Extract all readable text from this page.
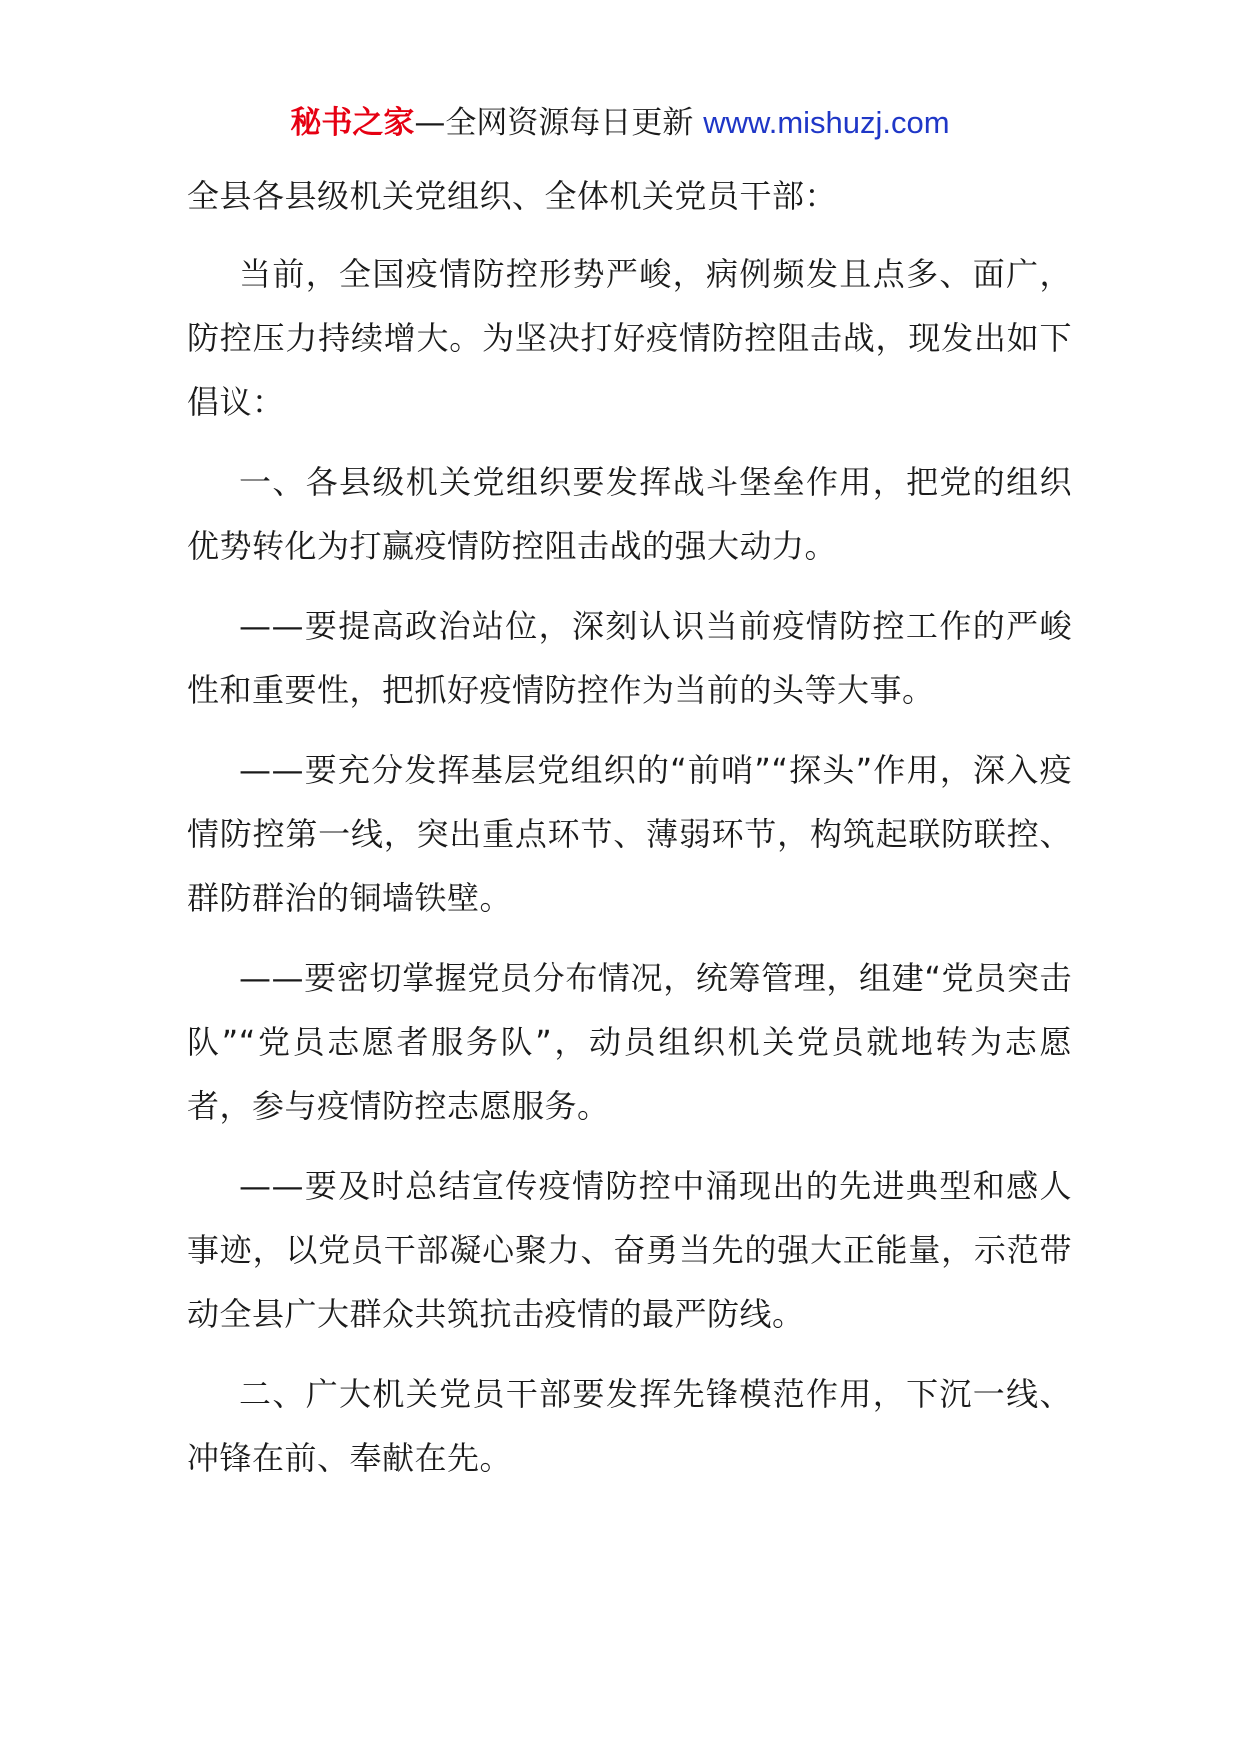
秘书之家—全网资源每日更新 www.mishuzj.com

全县各县级机关党组织、全体机关党员干部：

当前，全国疫情防控形势严峻，病例频发且点多、面广，防控压力持续增大。为坚决打好疫情防控阻击战，现发出如下倡议：

一、各县级机关党组织要发挥战斗堡垒作用，把党的组织优势转化为打赢疫情防控阻击战的强大动力。

——要提高政治站位，深刻认识当前疫情防控工作的严峻性和重要性，把抓好疫情防控作为当前的头等大事。

——要充分发挥基层党组织的“前哨”“探头”作用，深入疫情防控第一线，突出重点环节、薄弱环节，构筑起联防联控、群防群治的铜墙铁壁。

——要密切掌握党员分布情况，统筹管理，组建“党员突击队”“党员志愿者服务队”，动员组织机关党员就地转为志愿者，参与疫情防控志愿服务。

——要及时总结宣传疫情防控中涌现出的先进典型和感人事迹，以党员干部凝心聚力、奋勇当先的强大正能量，示范带动全县广大群众共筑抗击疫情的最严防线。

二、广大机关党员干部要发挥先锋模范作用，下沉一线、冲锋在前、奉献在先。
